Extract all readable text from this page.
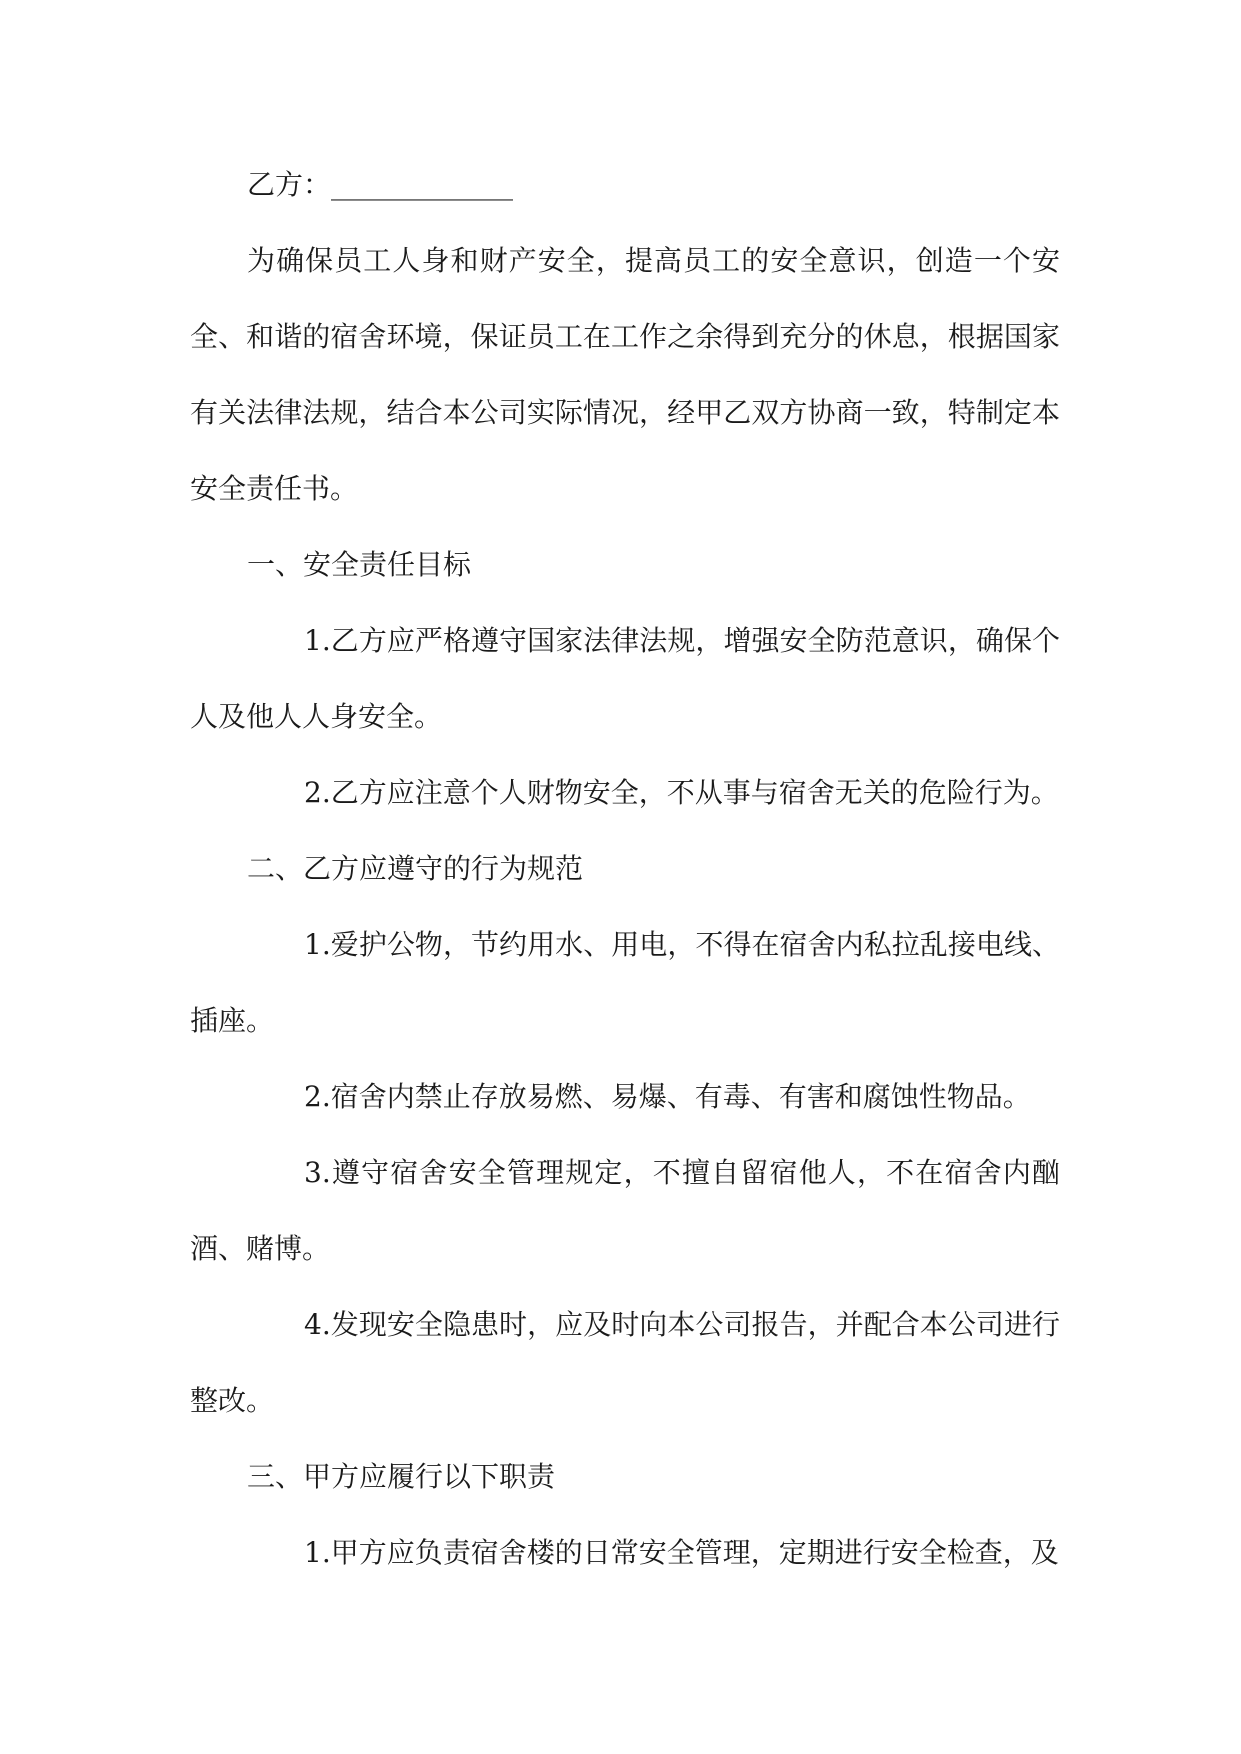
乙方：_____________

为确保员工人身和财产安全，提高员工的安全意识，创造一个安全、和谐的宿舍环境，保证员工在工作之余得到充分的休息，根据国家有关法律法规，结合本公司实际情况，经甲乙双方协商一致，特制定本安全责任书。

一、安全责任目标

1.乙方应严格遵守国家法律法规，增强安全防范意识，确保个人及他人人身安全。

2.乙方应注意个人财物安全，不从事与宿舍无关的危险行为。

二、乙方应遵守的行为规范

1.爱护公物，节约用水、用电，不得在宿舍内私拉乱接电线、插座。

2.宿舍内禁止存放易燃、易爆、有毒、有害和腐蚀性物品。

3.遵守宿舍安全管理规定，不擅自留宿他人，不在宿舍内酗酒、赌博。

4.发现安全隐患时，应及时向本公司报告，并配合本公司进行整改。

三、甲方应履行以下职责

1.甲方应负责宿舍楼的日常安全管理，定期进行安全检查，及
